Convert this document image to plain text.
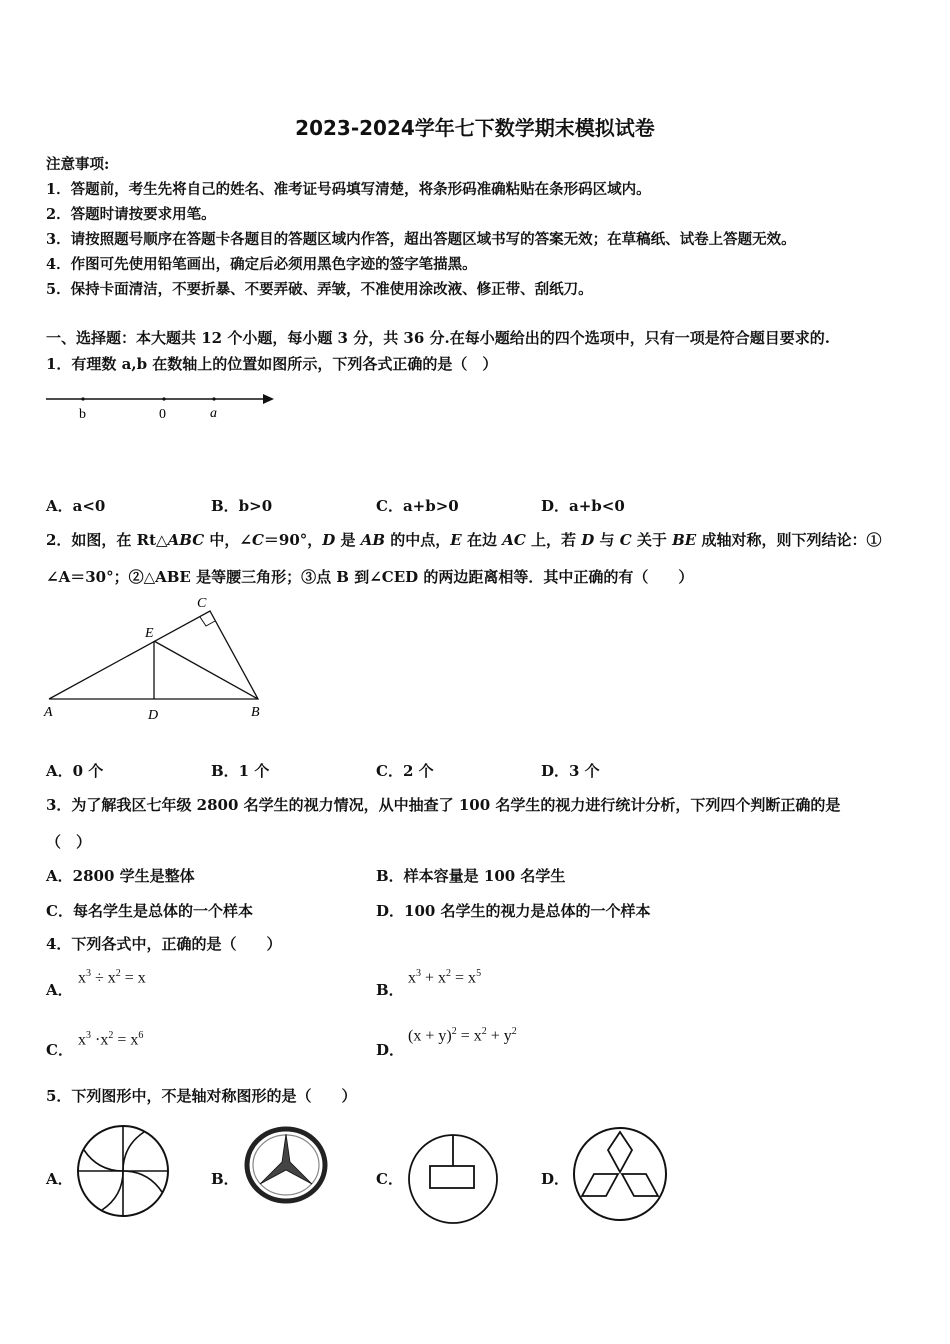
2023-2024学年七下数学期末模拟试卷
注意事项:
1．答题前，考生先将自己的姓名、准考证号码填写清楚，将条形码准确粘贴在条形码区域内。
2．答题时请按要求用笔。
3．请按照题号顺序在答题卡各题目的答题区域内作答，超出答题区域书写的答案无效；在草稿纸、试卷上答题无效。
4．作图可先使用铅笔画出，确定后必须用黑色字迹的签字笔描黑。
5．保持卡面清洁，不要折暴、不要弄破、弄皱，不准使用涂改液、修正带、刮纸刀。
一、选择题：本大题共 12 个小题，每小题 3 分，共 36 分.在每小题给出的四个选项中，只有一项是符合题目要求的.
1．有理数 a,b 在数轴上的位置如图所示，下列各式正确的是（　）
b	0	a
A．a<0	B．b>0	C．a+b>0	D．a+b<0
2．如图，在 Rt△ABC 中，∠C＝90°，D 是 AB 的中点，E 在边 AC 上，若 D 与 C 关于 BE 成轴对称，则下列结论：①
∠A＝30°；②△ABE 是等腰三角形；③点 B 到∠CED 的两边距离相等．其中正确的有（　　）
C
E
A	D	B
A．0 个	B．1 个	C．2 个	D．3 个
3．为了解我区七年级 2800 名学生的视力情况，从中抽查了 100 名学生的视力进行统计分析，下列四个判断正确的是
（　）
A．2800 学生是整体	B．样本容量是 100 名学生
C．每名学生是总体的一个样本	D．100 名学生的视力是总体的一个样本
4．下列各式中，正确的是（　　）
A．
$x^3 \div x^2 = x$
B．
$x^3 + x^2 = x^5$
C．
$x^3 \cdot x^2 = x^6$
D．
$(x + y)^2 = x^2 + y^2$
5．下列图形中，不是轴对称图形的是（　　）
A．	B．	C．	D．
